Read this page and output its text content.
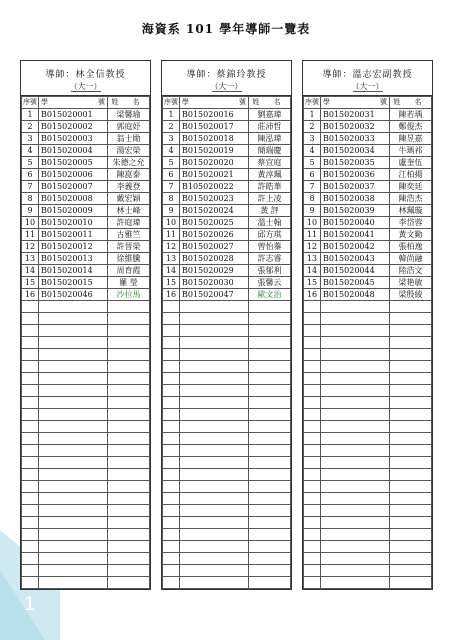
海資系 101 學年導師一覽表
1
導師：林全信教授
（大一）
序號	學 號	姓 名
1	B015020001	梁馨瑜
2	B015020002	郭庭妤
3	B015020003	翁士勛
4	B015020004	湯宏榮
5	B015020005	朱德之允
6	B015020006	陳崑泰
7	B015020007	李義登
8	B015020008	戴宏穎
9	B015020009	林士峰
10	B015020010	許庭瑋
11	B015020011	古雅竺
12	B015020012	許晉榮
13	B015020013	徐維騰
14	B015020014	周育霞
15	B015020015	羅 瑩
16	B015020046	沙拉馬

導師：蔡錦玲教授
（大一）
序號	學 號	姓 名
1	B015020016	劉嘉瑋
2	B015020017	莊沛哲
3	B015020018	陳泓瑋
4	B015020019	簡瑞慶
5	B015020020	蔡宜庭
6	B015020021	黃淳珮
7	B105020022	許皓華
8	B015020023	許上凌
9	B015020024	黃 評
10	B015020025	溫士翰
11	B015020026	邱方琪
12	B015020027	曾怡蓁
13	B015020028	許志睿
14	B015020029	張郁利
15	B015020030	張馨云
16	B015020047	歐文治

導師：溫志宏副教授
（大一）
序號	學 號	姓 名
1	B015020031	陳若瑀
2	B015020032	鄭俊杰
3	B015020033	陳昱嘉
4	B015020034	牛瑪祁
5	B015020035	盧奎伍
6	B015020036	江柏揚
7	B015020037	陳奕廷
8	B015020038	陳浩杰
9	B015020039	林珮璇
10	B015020040	李岱蓉
11	B015020041	黃文勤
12	B015020042	張柏逸
13	B015020043	韓尚融
14	B015020044	陸浩文
15	B015020045	梁艳敏
16	B015020048	梁殷綾
